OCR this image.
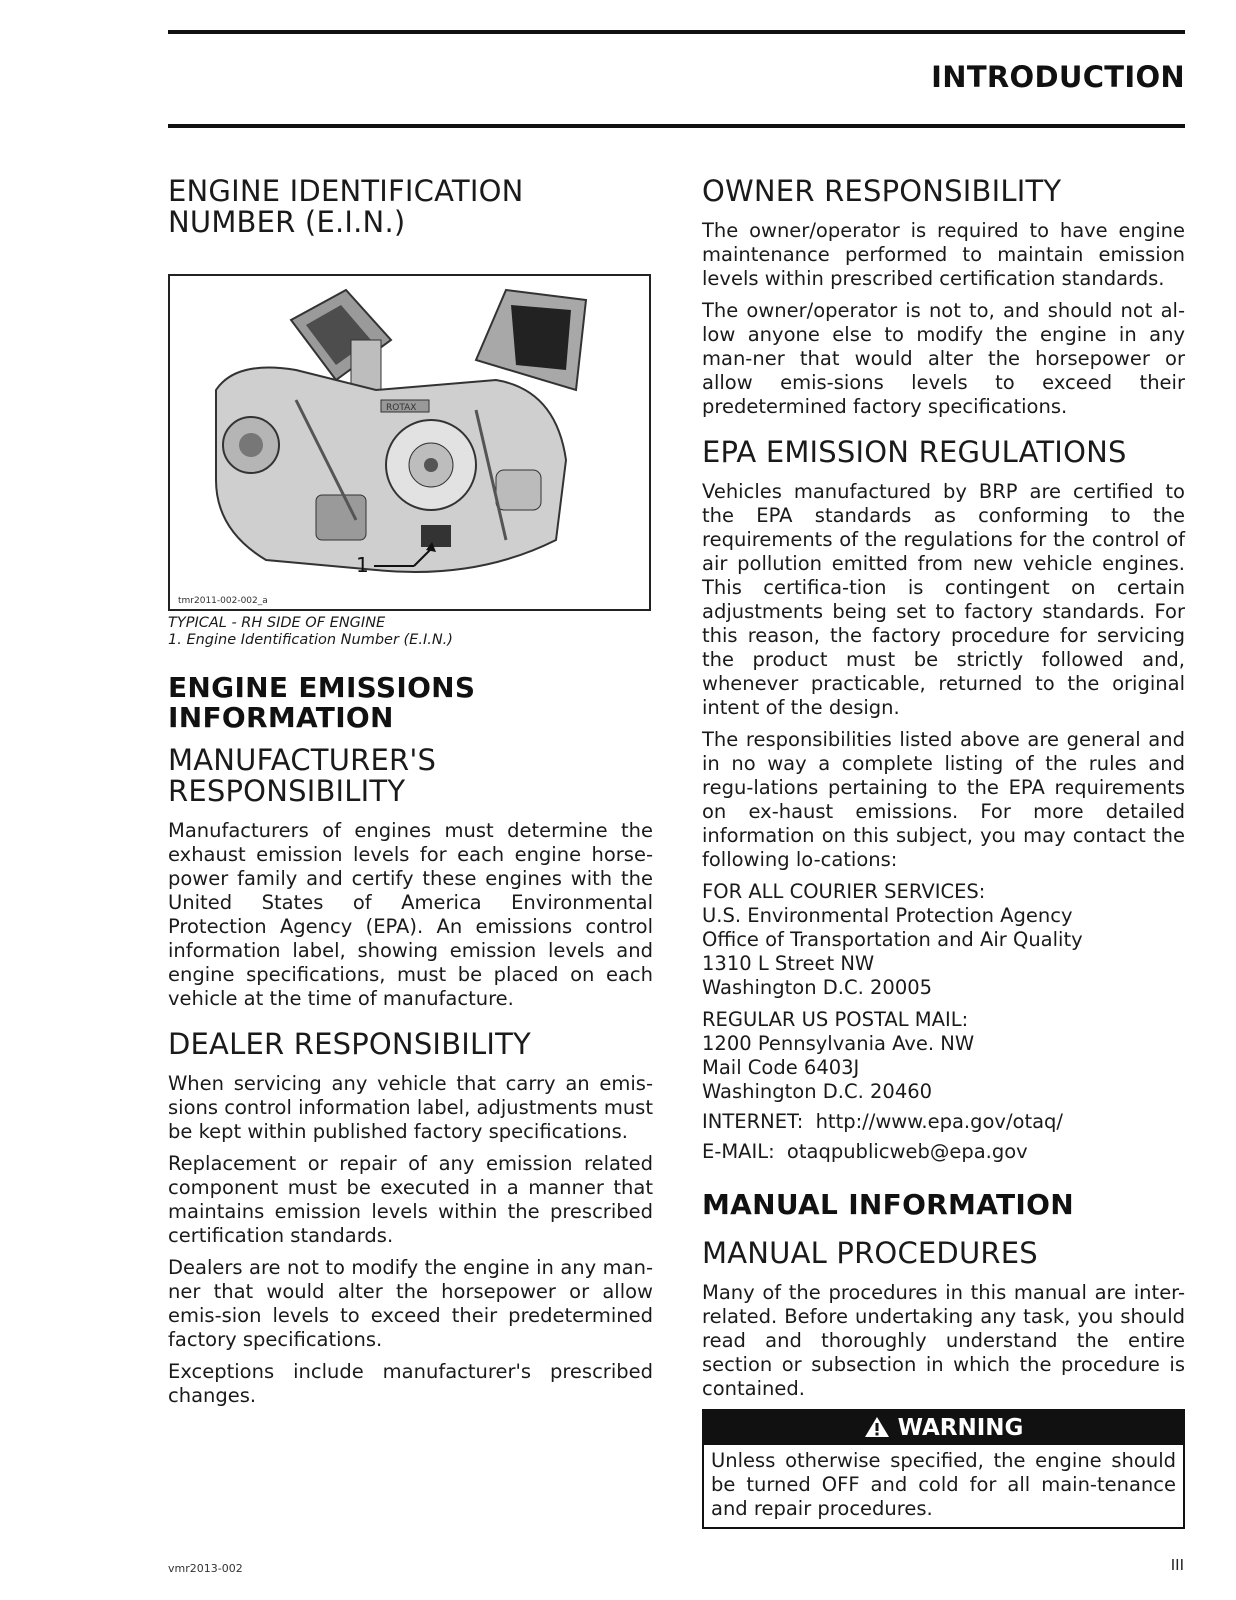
INTRODUCTION
ENGINE IDENTIFICATION NUMBER (E.I.N.)
ROTAX
1
tmr2011-002-002_a
TYPICAL - RH SIDE OF ENGINE
1. Engine Identification Number (E.I.N.)
ENGINE EMISSIONS INFORMATION
MANUFACTURER'S RESPONSIBILITY

Manufacturers of engines must determine the exhaust emission levels for each engine horse-power family and certify these engines with the United States of America Environmental Protection Agency (EPA). An emissions control information label, showing emission levels and engine specifications, must be placed on each vehicle at the time of manufacture.

DEALER RESPONSIBILITY

When servicing any vehicle that carry an emis-sions control information label, adjustments must be kept within published factory specifications.

Replacement or repair of any emission related component must be executed in a manner that maintains emission levels within the prescribed certification standards.

Dealers are not to modify the engine in any man-ner that would alter the horsepower or allow emis-sion levels to exceed their predetermined factory specifications.

Exceptions include manufacturer's prescribed changes.

OWNER RESPONSIBILITY

The owner/operator is required to have engine maintenance performed to maintain emission levels within prescribed certification standards.

The owner/operator is not to, and should not al-low anyone else to modify the engine in any man-ner that would alter the horsepower or allow emis-sions levels to exceed their predetermined factory specifications.

EPA EMISSION REGULATIONS

Vehicles manufactured by BRP are certified to the EPA standards as conforming to the requirements of the regulations for the control of air pollution emitted from new vehicle engines. This certifica-tion is contingent on certain adjustments being set to factory standards. For this reason, the factory procedure for servicing the product must be strictly followed and, whenever practicable, returned to the original intent of the design.

The responsibilities listed above are general and in no way a complete listing of the rules and regu-lations pertaining to the EPA requirements on ex-haust emissions. For more detailed information on this subject, you may contact the following lo-cations:

FOR ALL COURIER SERVICES:
U.S. Environmental Protection Agency
Office of Transportation and Air Quality
1310 L Street NW
Washington D.C. 20005
REGULAR US POSTAL MAIL:
1200 Pennsylvania Ave. NW
Mail Code 6403J
Washington D.C. 20460
INTERNET: http://www.epa.gov/otaq/
E-MAIL: otaqpublicweb@epa.gov
MANUAL INFORMATION
MANUAL PROCEDURES

Many of the procedures in this manual are inter-related. Before undertaking any task, you should read and thoroughly understand the entire section or subsection in which the procedure is contained.

WARNING
Unless otherwise specified, the engine should be turned OFF and cold for all main-tenance and repair procedures.
vmr2013-002	III
